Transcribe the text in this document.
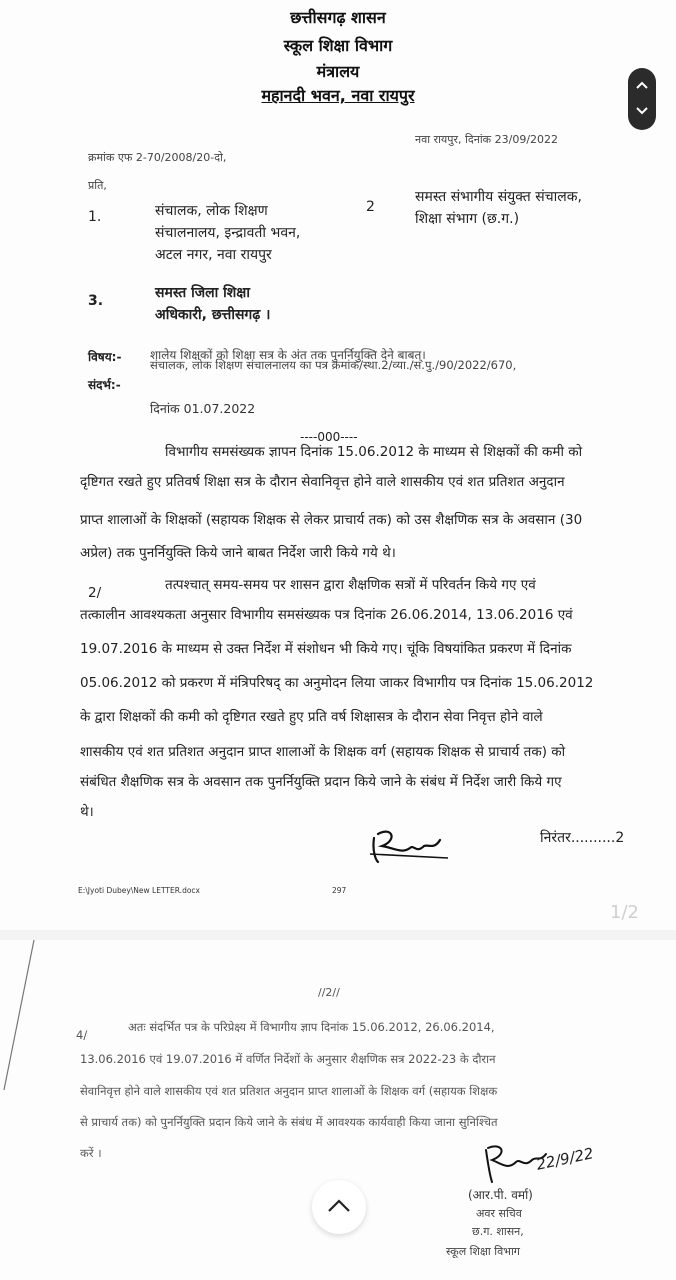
छत्तीसगढ़ शासन
स्कूल शिक्षा विभाग
मंत्रालय
महानदी भवन, नवा रायपुर
नवा रायपुर, दिनांक 23/09/2022
क्रमांक एफ 2-70/2008/20-दो,
प्रति,
1.	संचालक, लोक शिक्षण
संचालनालय, इन्द्रावती भवन,
अटल नगर, नवा रायपुर
2
समस्त संभागीय संयुक्त संचालक,
शिक्षा संभाग (छ.ग.)
3.	समस्त जिला शिक्षा
अधिकारी, छत्तीसगढ़ ।
विषय:- शालेय शिक्षकों को शिक्षा सत्र के अंत तक पुनर्नियुक्ति देने बाबत्।
संदर्भ:-
संचालक, लोक शिक्षण संचालनालय का पत्र क्रमांक/स्था.2/व्या./स.पु./90/2022/670,
दिनांक 01.07.2022
----000----
विभागीय समसंख्यक ज्ञापन दिनांक 15.06.2012 के माध्यम से शिक्षकों की कमी को
दृष्टिगत रखते हुए प्रतिवर्ष शिक्षा सत्र के दौरान सेवानिवृत्त होने वाले शासकीय एवं शत प्रतिशत अनुदान
प्राप्त शालाओं के शिक्षकों (सहायक शिक्षक से लेकर प्राचार्य तक) को उस शैक्षणिक सत्र के अवसान (30
अप्रेल) तक पुनर्नियुक्ति किये जाने बाबत निर्देश जारी किये गये थे।
2/	तत्पश्चात् समय-समय पर शासन द्वारा शैक्षणिक सत्रों में परिवर्तन किये गए एवं
तत्कालीन आवश्यकता अनुसार विभागीय समसंख्यक पत्र दिनांक 26.06.2014, 13.06.2016 एवं
19.07.2016 के माध्यम से उक्त निर्देश में संशोधन भी किये गए। चूंकि विषयांकित प्रकरण में दिनांक
05.06.2012 को प्रकरण में मंत्रिपरिषद् का अनुमोदन लिया जाकर विभागीय पत्र दिनांक 15.06.2012
के द्वारा शिक्षकों की कमी को दृष्टिगत रखते हुए प्रति वर्ष शिक्षासत्र के दौरान सेवा निवृत्त होने वाले
शासकीय एवं शत प्रतिशत अनुदान प्राप्त शालाओं के शिक्षक वर्ग (सहायक शिक्षक से प्राचार्य तक) को
संबंधित शैक्षणिक सत्र के अवसान तक पुनर्नियुक्ति प्रदान किये जाने के संबंध में निर्देश जारी किये गए
थे।
निरंतर..........2
E:\Jyoti Dubey\New LETTER.docx	297
1/2
//2//
4/
अतः संदर्भित पत्र के परिप्रेक्ष्य में विभागीय ज्ञाप दिनांक 15.06.2012, 26.06.2014,
13.06.2016 एवं 19.07.2016 में वर्णित निर्देशों के अनुसार शैक्षणिक सत्र 2022-23 के दौरान
सेवानिवृत्त होने वाले शासकीय एवं शत प्रतिशत अनुदान प्राप्त शालाओं के शिक्षक वर्ग (सहायक शिक्षक
से प्राचार्य तक) को पुनर्नियुक्ति प्रदान किये जाने के संबंध में आवश्यक कार्यवाही किया जाना सुनिश्चित
करें ।	22/9/22
(आर.पी. वर्मा)
अवर सचिव
छ.ग. शासन,
स्कूल शिक्षा विभाग
